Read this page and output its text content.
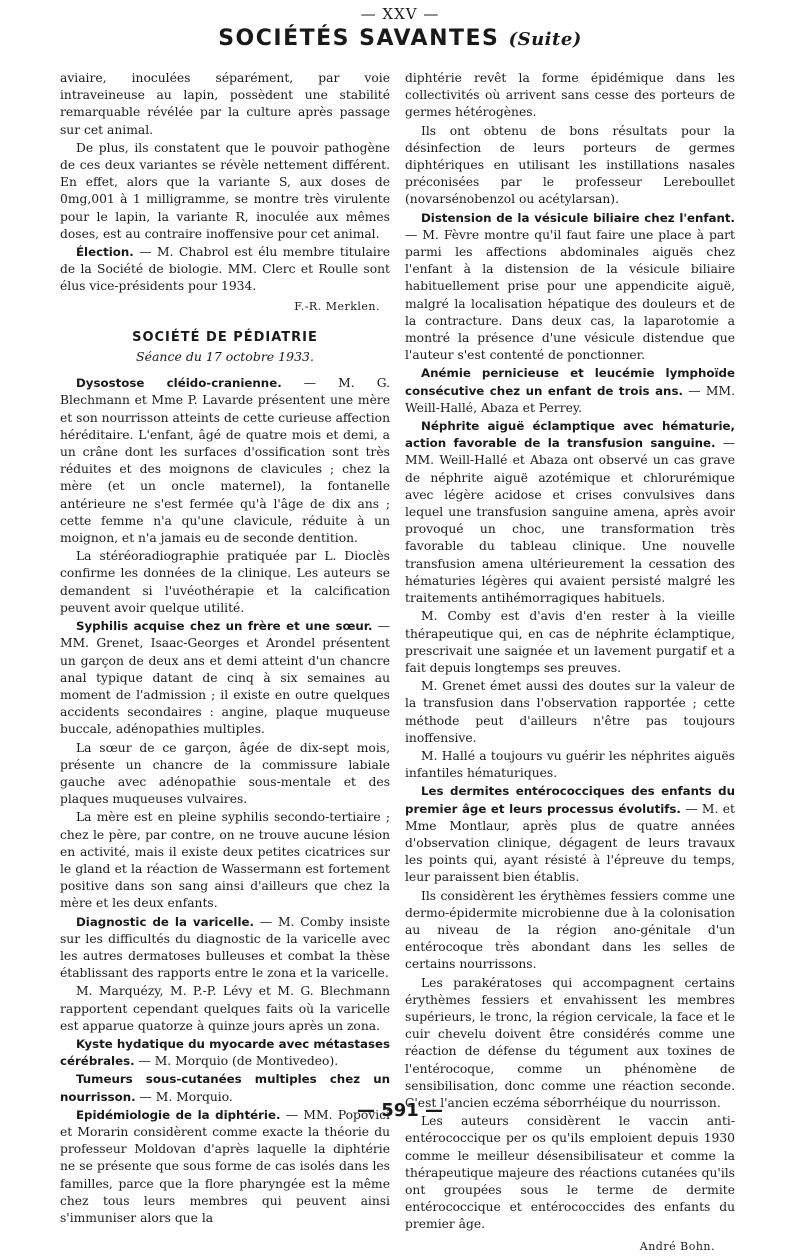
— XXV —
SOCIÉTÉS SAVANTES (Suite)

aviaire, inoculées séparément, par voie intraveineuse au lapin, possèdent une stabilité remarquable révélée par la culture après passage sur cet animal.

De plus, ils constatent que le pouvoir pathogène de ces deux variantes se révèle nettement différent. En effet, alors que la variante S, aux doses de 0mg,001 à 1 milligramme, se montre très virulente pour le lapin, la variante R, inoculée aux mêmes doses, est au contraire inoffensive pour cet animal.

Élection. — M. Chabrol est élu membre titulaire de la Société de biologie. MM. Clerc et Roulle sont élus vice-présidents pour 1934.

F.-R. Merklen.

SOCIÉTÉ DE PÉDIATRIE
Séance du 17 octobre 1933.

Dysostose cléido-cranienne. — M. G. Blechmann et Mme P. Lavarde présentent une mère et son nourrisson atteints de cette curieuse affection héréditaire. L'enfant, âgé de quatre mois et demi, a un crâne dont les surfaces d'ossification sont très réduites et des moignons de clavicules ; chez la mère (et un oncle maternel), la fontanelle antérieure ne s'est fermée qu'à l'âge de dix ans ; cette femme n'a qu'une clavicule, réduite à un moignon, et n'a jamais eu de seconde dentition.

La stéréoradiographie pratiquée par L. Dioclès confirme les données de la clinique. Les auteurs se demandent si l'uvéothérapie et la calcification peuvent avoir quelque utilité.

Syphilis acquise chez un frère et une sœur. — MM. Grenet, Isaac-Georges et Arondel présentent un garçon de deux ans et demi atteint d'un chancre anal typique datant de cinq à six semaines au moment de l'admission ; il existe en outre quelques accidents secondaires : angine, plaque muqueuse buccale, adénopathies multiples.

La sœur de ce garçon, âgée de dix-sept mois, présente un chancre de la commissure labiale gauche avec adénopathie sous-mentale et des plaques muqueuses vulvaires.

La mère est en pleine syphilis secondo-tertiaire ; chez le père, par contre, on ne trouve aucune lésion en activité, mais il existe deux petites cicatrices sur le gland et la réaction de Wassermann est fortement positive dans son sang ainsi d'ailleurs que chez la mère et les deux enfants.

Diagnostic de la varicelle. — M. Comby insiste sur les difficultés du diagnostic de la varicelle avec les autres dermatoses bulleuses et combat la thèse établissant des rapports entre le zona et la varicelle.

M. Marquézy, M. P.-P. Lévy et M. G. Blechmann rapportent cependant quelques faits où la varicelle est apparue quatorze à quinze jours après un zona.

Kyste hydatique du myocarde avec métastases cérébrales. — M. Morquio (de Montivedeo).

Tumeurs sous-cutanées multiples chez un nourrisson. — M. Morquio.

Epidémiologie de la diphtérie. — MM. Popovici et Morarin considèrent comme exacte la théorie du professeur Moldovan d'après laquelle la diphtérie ne se présente que sous forme de cas isolés dans les familles, parce que la flore pharyngée est la même chez tous leurs membres qui peuvent ainsi s'immuniser alors que la

diphtérie revêt la forme épidémique dans les collectivités où arrivent sans cesse des porteurs de germes hétérogènes.

Ils ont obtenu de bons résultats pour la désinfection de leurs porteurs de germes diphtériques en utilisant les instillations nasales préconisées par le professeur Lereboullet (novarsénobenzol ou acétylarsan).

Distension de la vésicule biliaire chez l'enfant. — M. Fèvre montre qu'il faut faire une place à part parmi les affections abdominales aiguës chez l'enfant à la distension de la vésicule biliaire habituellement prise pour une appendicite aiguë, malgré la localisation hépatique des douleurs et de la contracture. Dans deux cas, la laparotomie a montré la présence d'une vésicule distendue que l'auteur s'est contenté de ponctionner.

Anémie pernicieuse et leucémie lymphoïde consécutive chez un enfant de trois ans. — MM. Weill-Hallé, Abaza et Perrey.

Néphrite aiguë éclamptique avec hématurie, action favorable de la transfusion sanguine. — MM. Weill-Hallé et Abaza ont observé un cas grave de néphrite aiguë azotémique et chlorurémique avec légère acidose et crises convulsives dans lequel une transfusion sanguine amena, après avoir provoqué un choc, une transformation très favorable du tableau clinique. Une nouvelle transfusion amena ultérieurement la cessation des hématuries légères qui avaient persisté malgré les traitements antihémorragiques habituels.

M. Comby est d'avis d'en rester à la vieille thérapeutique qui, en cas de néphrite éclamptique, prescrivait une saignée et un lavement purgatif et a fait depuis longtemps ses preuves.

M. Grenet émet aussi des doutes sur la valeur de la transfusion dans l'observation rapportée ; cette méthode peut d'ailleurs n'être pas toujours inoffensive.

M. Hallé a toujours vu guérir les néphrites aiguës infantiles hématuriques.

Les dermites entérococciques des enfants du premier âge et leurs processus évolutifs. — M. et Mme Montlaur, après plus de quatre années d'observation clinique, dégagent de leurs travaux les points qui, ayant résisté à l'épreuve du temps, leur paraissent bien établis.

Ils considèrent les érythèmes fessiers comme une dermo-épidermite microbienne due à la colonisation au niveau de la région ano-génitale d'un entérocoque très abondant dans les selles de certains nourrissons.

Les parakératoses qui accompagnent certains érythèmes fessiers et envahissent les membres supérieurs, le tronc, la région cervicale, la face et le cuir chevelu doivent être considérés comme une réaction de défense du tégument aux toxines de l'entérocoque, comme un phénomène de sensibilisation, donc comme une réaction seconde. C'est l'ancien eczéma séborrhéique du nourrisson.

Les auteurs considèrent le vaccin anti-entérococcique per os qu'ils emploient depuis 1930 comme le meilleur désensibilisateur et comme la thérapeutique majeure des réactions cutanées qu'ils ont groupées sous le terme de dermite entérococcique et entérococcides des enfants du premier âge.

André Bohn.

— 591 —
